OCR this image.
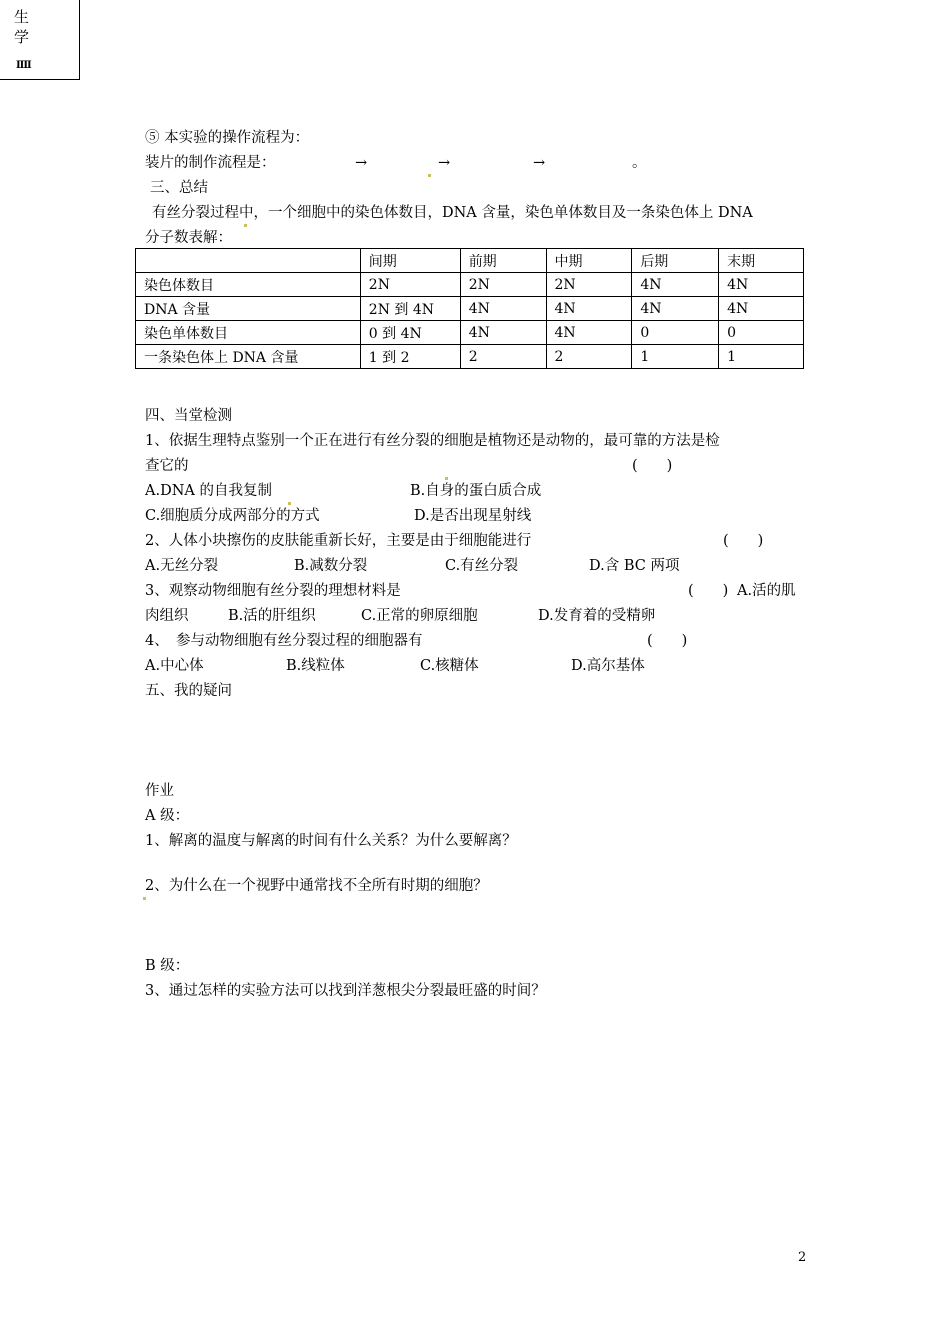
生
学
IIII
⑤ 本实验的操作流程为：
装片的制作流程是：	→	→	→	。
三、总结
有丝分裂过程中，一个细胞中的染色体数目，DNA 含量，染色单体数目及一条染色体上 DNA
分子数表解：
	间期	前期	中期	后期	末期
染色体数目	2N	2N	2N	4N	4N
DNA 含量	2N 到 4N	4N	4N	4N	4N
染色单体数目	0 到 4N	4N	4N	0	0
一条染色体上 DNA 含量	1 到 2	2	2	1	1
四、当堂检测
1、依据生理特点鉴别一个正在进行有丝分裂的细胞是植物还是动物的，最可靠的方法是检
查它的	(　　)
A.DNA 的自我复制	B.自身的蛋白质合成
C.细胞质分成两部分的方式	D.是否出现星射线
2、人体小块擦伤的皮肤能重新长好，主要是由于细胞能进行	(　　)
A.无丝分裂	B.减数分裂	C.有丝分裂	D.含 BC 两项
3、观察动物细胞有丝分裂的理想材料是	(　　) A.活的肌
肉组织	B.活的肝组织	C.正常的卵原细胞	D.发育着的受精卵
4、　参与动物细胞有丝分裂过程的细胞器有	(　　)
A.中心体	B.线粒体	C.核糖体	D.高尔基体
五、我的疑问
作业
A 级：
1、解离的温度与解离的时间有什么关系？为什么要解离？
2、为什么在一个视野中通常找不全所有时期的细胞？
B 级：
3、通过怎样的实验方法可以找到洋葱根尖分裂最旺盛的时间？
2
